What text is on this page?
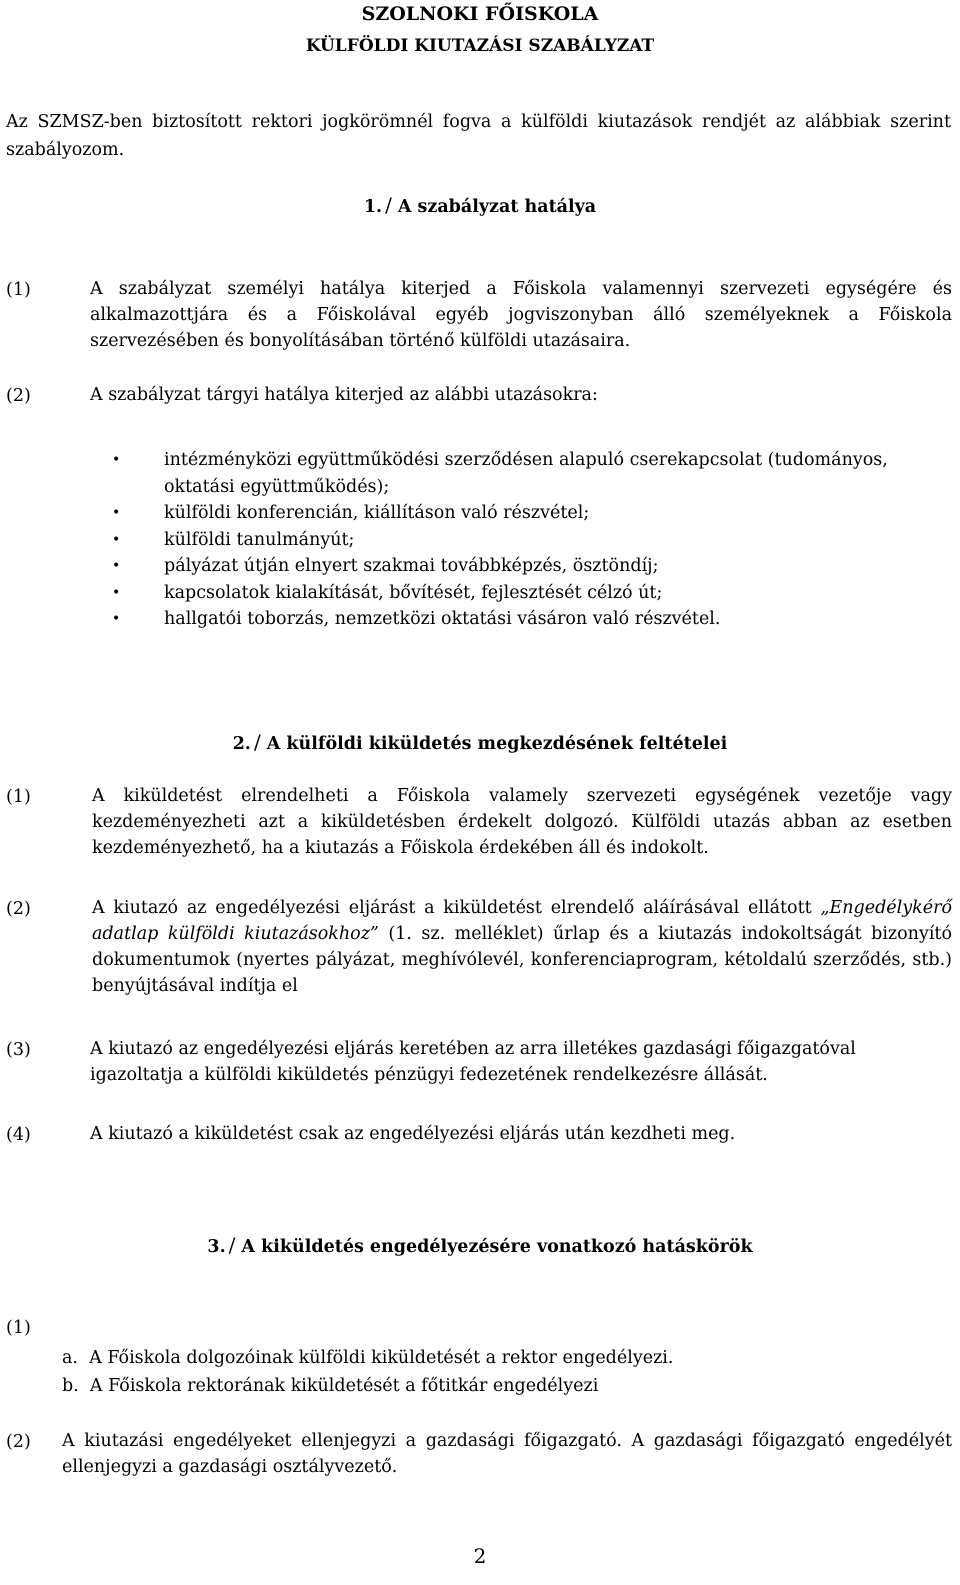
SZOLNOKI FŐISKOLA
KÜLFÖLDI KIUTAZÁSI SZABÁLYZAT
Az SZMSZ-ben biztosított rektori jogkörömnél fogva a külföldi kiutazások rendjét az alábbiak szerint szabályozom.
1. / A szabályzat hatálya
(1)	A szabályzat személyi hatálya kiterjed a Főiskola valamennyi szervezeti egységére és alkalmazottjára és a Főiskolával egyéb jogviszonyban álló személyeknek a Főiskola szervezésében és bonyolításában történő külföldi utazásaira.
(2)	A szabályzat tárgyi hatálya kiterjed az alábbi utazásokra:
• intézményközi együttműködési szerződésen alapuló cserekapcsolat (tudományos, oktatási együttműködés);
• külföldi konferencián, kiállításon való részvétel;
• külföldi tanulmányút;
• pályázat útján elnyert szakmai továbbképzés, ösztöndíj;
• kapcsolatok kialakítását, bővítését, fejlesztését célzó út;
• hallgatói toborzás, nemzetközi oktatási vásáron való részvétel.
2. / A külföldi kiküldetés megkezdésének feltételei
(1)	A kiküldetést elrendelheti a Főiskola valamely szervezeti egységének vezetője vagy kezdeményezheti azt a kiküldetésben érdekelt dolgozó. Külföldi utazás abban az esetben kezdeményezhető, ha a kiutazás a Főiskola érdekében áll és indokolt.
(2)	A kiutazó az engedélyezési eljárást a kiküldetést elrendelő aláírásával ellátott „Engedélykérő adatlap külföldi kiutazásokhoz” (1. sz. melléklet) űrlap és a kiutazás indokoltságát bizonyító dokumentumok (nyertes pályázat, meghívólevél, konferenciaprogram, kétoldalú szerződés, stb.) benyújtásával indítja el
(3)	A kiutazó az engedélyezési eljárás keretében az arra illetékes gazdasági főigazgatóval igazoltatja a külföldi kiküldetés pénzügyi fedezetének rendelkezésre állását.
(4)	A kiutazó a kiküldetést csak az engedélyezési eljárás után kezdheti meg.
3. / A kiküldetés engedélyezésére vonatkozó hatáskörök
(1)
a. A Főiskola dolgozóinak külföldi kiküldetését a rektor engedélyezi.
b. A Főiskola rektorának kiküldetését a főtitkár engedélyezi
(2) A kiutazási engedélyeket ellenjegyzi a gazdasági főigazgató. A gazdasági főigazgató engedélyét ellenjegyzi a gazdasági osztályvezető.
2
